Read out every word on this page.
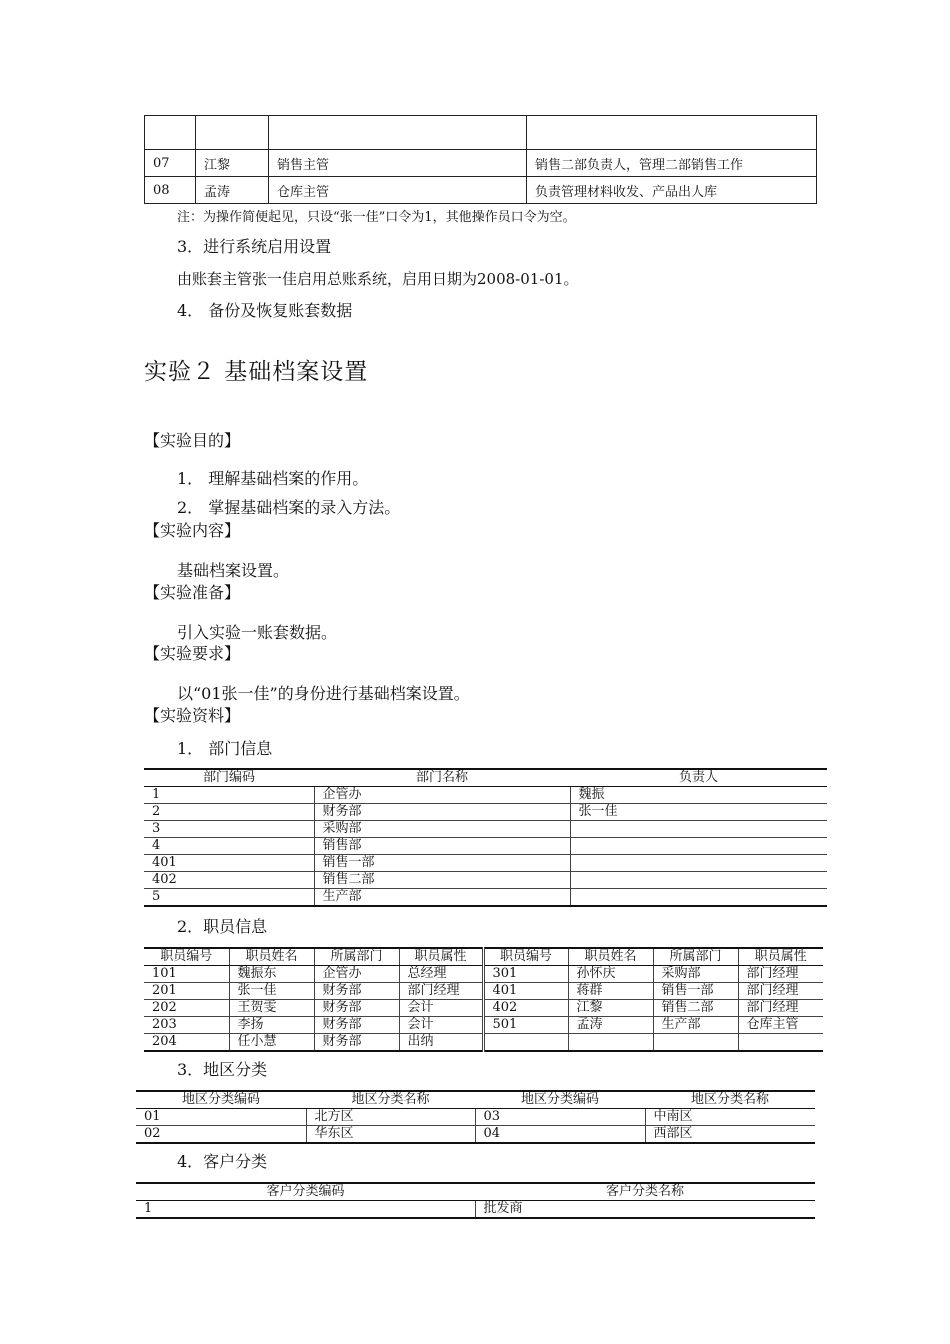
07	江黎	销售主管	销售二部负责人，管理二部销售工作
08	孟涛	仓库主管	负责管理材料收发、产品出人库
注：为操作简便起见，只设“张一佳”口令为1，其他操作员口令为空。
3．进行系统启用设置
由账套主管张一佳启用总账系统，启用日期为2008-01-01。
4． 备份及恢复账套数据
实验２ 基础档案设置
【实验目的】
1． 理解基础档案的作用。
2． 掌握基础档案的录入方法。
【实验内容】
基础档案设置。
【实验准备】
引入实验一账套数据。
【实验要求】
以“01张一佳”的身份进行基础档案设置。
【实验资料】
1． 部门信息
部门编码	部门名称	负责人
1	企管办	魏振
2	财务部	张一佳
3	采购部	
4	销售部	
401	销售一部	
402	销售二部	
5	生产部	
2．职员信息
职员编号	职员姓名	所属部门	职员属性	职员编号	职员姓名	所属部门	职员属性
101	魏振东	企管办	总经理	301	孙怀庆	采购部	部门经理
201	张一佳	财务部	部门经理	401	蒋群	销售一部	部门经理
202	王贺雯	财务部	会计	402	江黎	销售二部	部门经理
203	李扬	财务部	会计	501	孟涛	生产部	仓库主管
204	任小慧	财务部	出纳				
3．地区分类
地区分类编码	地区分类名称	地区分类编码	地区分类名称
01	北方区	03	中南区
02	华东区	04	西部区
4．客户分类
客户分类编码	客户分类名称
1	批发商
